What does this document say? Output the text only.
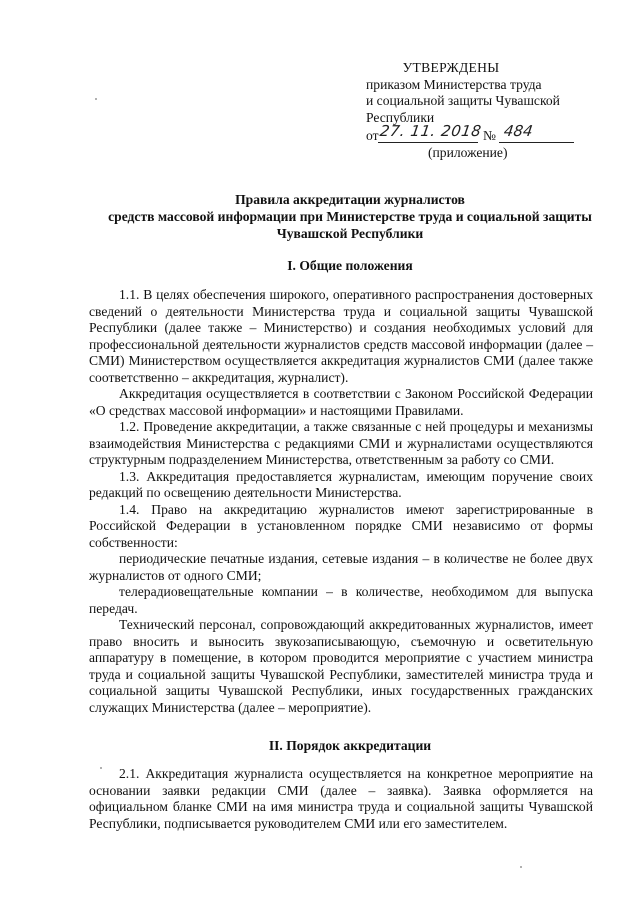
УТВЕРЖДЕНЫ
приказом Министерства труда
и социальной защиты Чувашской
Республики
от 27. 11. 2018 № 484
(приложение)
Правила аккредитации журналистов
средств массовой информации при Министерстве труда и социальной защиты
Чувашской Республики
I. Общие положения

1.1. В целях обеспечения широкого, оперативного распространения достоверных сведений о деятельности Министерства труда и социальной защиты Чувашской Республики (далее также – Министерство) и создания необходимых условий для профессиональной деятельности журналистов средств массовой информации (далее – СМИ) Министерством осуществляется аккредитация журналистов СМИ (далее также соответственно – аккредитация, журналист).

Аккредитация осуществляется в соответствии с Законом Российской Федерации «О средствах массовой информации» и настоящими Правилами.

1.2. Проведение аккредитации, а также связанные с ней процедуры и механизмы взаимодействия Министерства с редакциями СМИ и журналистами осуществляются структурным подразделением Министерства, ответственным за работу со СМИ.

1.3. Аккредитация предоставляется журналистам, имеющим поручение своих редакций по освещению деятельности Министерства.

1.4. Право на аккредитацию журналистов имеют зарегистрированные в Российской Федерации в установленном порядке СМИ независимо от формы собственности:

периодические печатные издания, сетевые издания – в количестве не более двух журналистов от одного СМИ;

телерадиовещательные компании – в количестве, необходимом для выпуска передач.

Технический персонал, сопровождающий аккредитованных журналистов, имеет право вносить и выносить звукозаписывающую, съемочную и осветительную аппаратуру в помещение, в котором проводится мероприятие с участием министра труда и социальной защиты Чувашской Республики, заместителей министра труда и социальной защиты Чувашской Республики, иных государственных гражданских служащих Министерства (далее – мероприятие).

II. Порядок аккредитации

2.1. Аккредитация журналиста осуществляется на конкретное мероприятие на основании заявки редакции СМИ (далее – заявка). Заявка оформляется на официальном бланке СМИ на имя министра труда и социальной защиты Чувашской Республики, подписывается руководителем СМИ или его заместителем.
